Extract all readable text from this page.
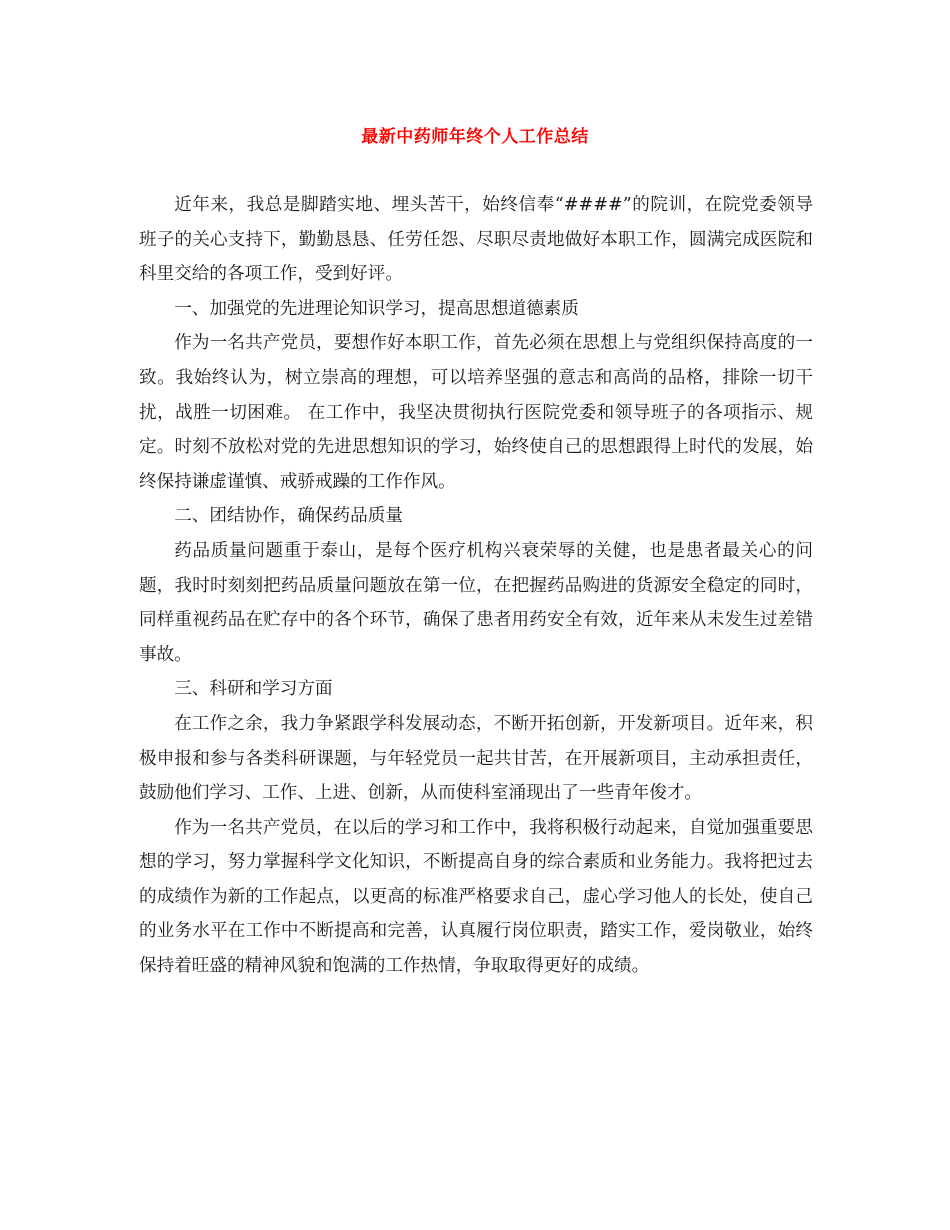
最新中药师年终个人工作总结

近年来，我总是脚踏实地、埋头苦干，始终信奉“####”的院训，在院党委领导班子的关心支持下，勤勤恳恳、任劳任怨、尽职尽责地做好本职工作，圆满完成医院和科里交给的各项工作，受到好评。

一、加强党的先进理论知识学习，提高思想道德素质

作为一名共产党员，要想作好本职工作，首先必须在思想上与党组织保持高度的一致。我始终认为，树立崇高的理想，可以培养坚强的意志和高尚的品格，排除一切干扰，战胜一切困难。 在工作中，我坚决贯彻执行医院党委和领导班子的各项指示、规定。时刻不放松对党的先进思想知识的学习，始终使自己的思想跟得上时代的发展，始终保持谦虚谨慎、戒骄戒躁的工作作风。

二、团结协作，确保药品质量

药品质量问题重于泰山，是每个医疗机构兴衰荣辱的关健，也是患者最关心的问题，我时时刻刻把药品质量问题放在第一位，在把握药品购进的货源安全稳定的同时，同样重视药品在贮存中的各个环节，确保了患者用药安全有效，近年来从未发生过差错事故。

三、科研和学习方面

在工作之余，我力争紧跟学科发展动态，不断开拓创新，开发新项目。近年来，积极申报和参与各类科研课题，与年轻党员一起共甘苦，在开展新项目，主动承担责任，鼓励他们学习、工作、上进、创新，从而使科室涌现出了一些青年俊才。

作为一名共产党员，在以后的学习和工作中，我将积极行动起来，自觉加强重要思想的学习，努力掌握科学文化知识，不断提高自身的综合素质和业务能力。我将把过去的成绩作为新的工作起点，以更高的标准严格要求自己，虚心学习他人的长处，使自己的业务水平在工作中不断提高和完善，认真履行岗位职责，踏实工作，爱岗敬业，始终保持着旺盛的精神风貌和饱满的工作热情，争取取得更好的成绩。
